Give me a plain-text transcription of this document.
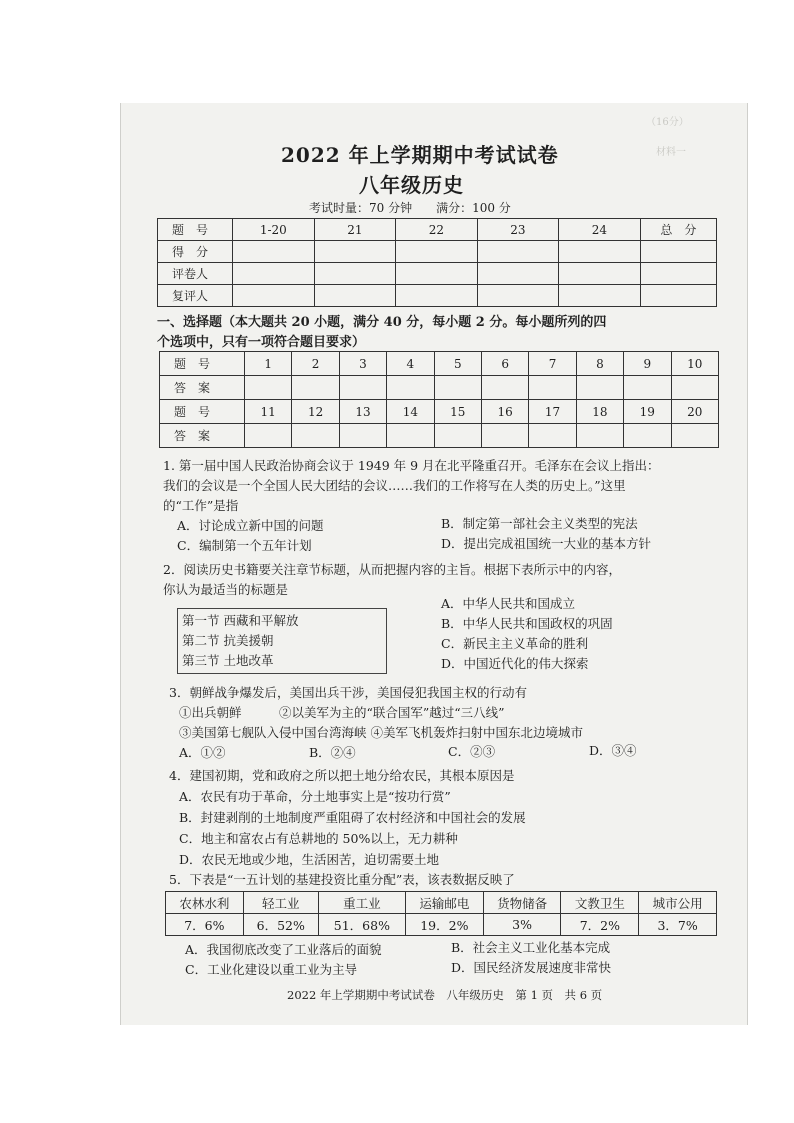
（16分）
材料一
2022 年上学期期中考试试卷
八年级历史
考试时量：70 分钟　　满分：100 分
题　号	1-20	21	22	23	24	总　分
得　分						
评卷人						
复评人						
一、选择题（本大题共 20 小题，满分 40 分，每小题 2 分。每小题所列的四
个选项中，只有一项符合题目要求）
题　号	1	2	3	4	5	6	7	8	9	10
答　案										
题　号	11	12	13	14	15	16	17	18	19	20
答　案										
1. 第一届中国人民政治协商会议于 1949 年 9 月在北平隆重召开。毛泽东在会议上指出：
我们的会议是一个全国人民大团结的会议……我们的工作将写在人类的历史上。”这里
的“工作”是指
A．讨论成立新中国的问题	B．制定第一部社会主义类型的宪法
C．编制第一个五年计划	D．提出完成祖国统一大业的基本方针
2．阅读历史书籍要关注章节标题，从而把握内容的主旨。根据下表所示中的内容，
你认为最适当的标题是
第一节 西藏和平解放
第二节 抗美援朝
第三节 土地改革
A．中华人民共和国成立
B．中华人民共和国政权的巩固
C．新民主主义革命的胜利
D．中国近代化的伟大探索
3．朝鲜战争爆发后，美国出兵干涉，美国侵犯我国主权的行动有
①出兵朝鲜　　　②以美军为主的“联合国军”越过“三八线”
③美国第七舰队入侵中国台湾海峡 ④美军飞机轰炸扫射中国东北边境城市
A．①②	B．②④	C．②③	D．③④
4．建国初期，党和政府之所以把土地分给农民，其根本原因是
A．农民有功于革命，分土地事实上是“按功行赏”
B．封建剥削的土地制度严重阻碍了农村经济和中国社会的发展
C．地主和富农占有总耕地的 50%以上，无力耕种
D．农民无地或少地，生活困苦，迫切需要土地
5．下表是“一五计划的基建投资比重分配”表，该表数据反映了
农林水利	轻工业	重工业	运输邮电	货物储备	文教卫生	城市公用
7．6%	6．52%	51．68%	19．2%	3%	7．2%	3．7%
A．我国彻底改变了工业落后的面貌	B．社会主义工业化基本完成
C．工业化建设以重工业为主导	D．国民经济发展速度非常快
2022 年上学期期中考试试卷　八年级历史　第 1 页　共 6 页
